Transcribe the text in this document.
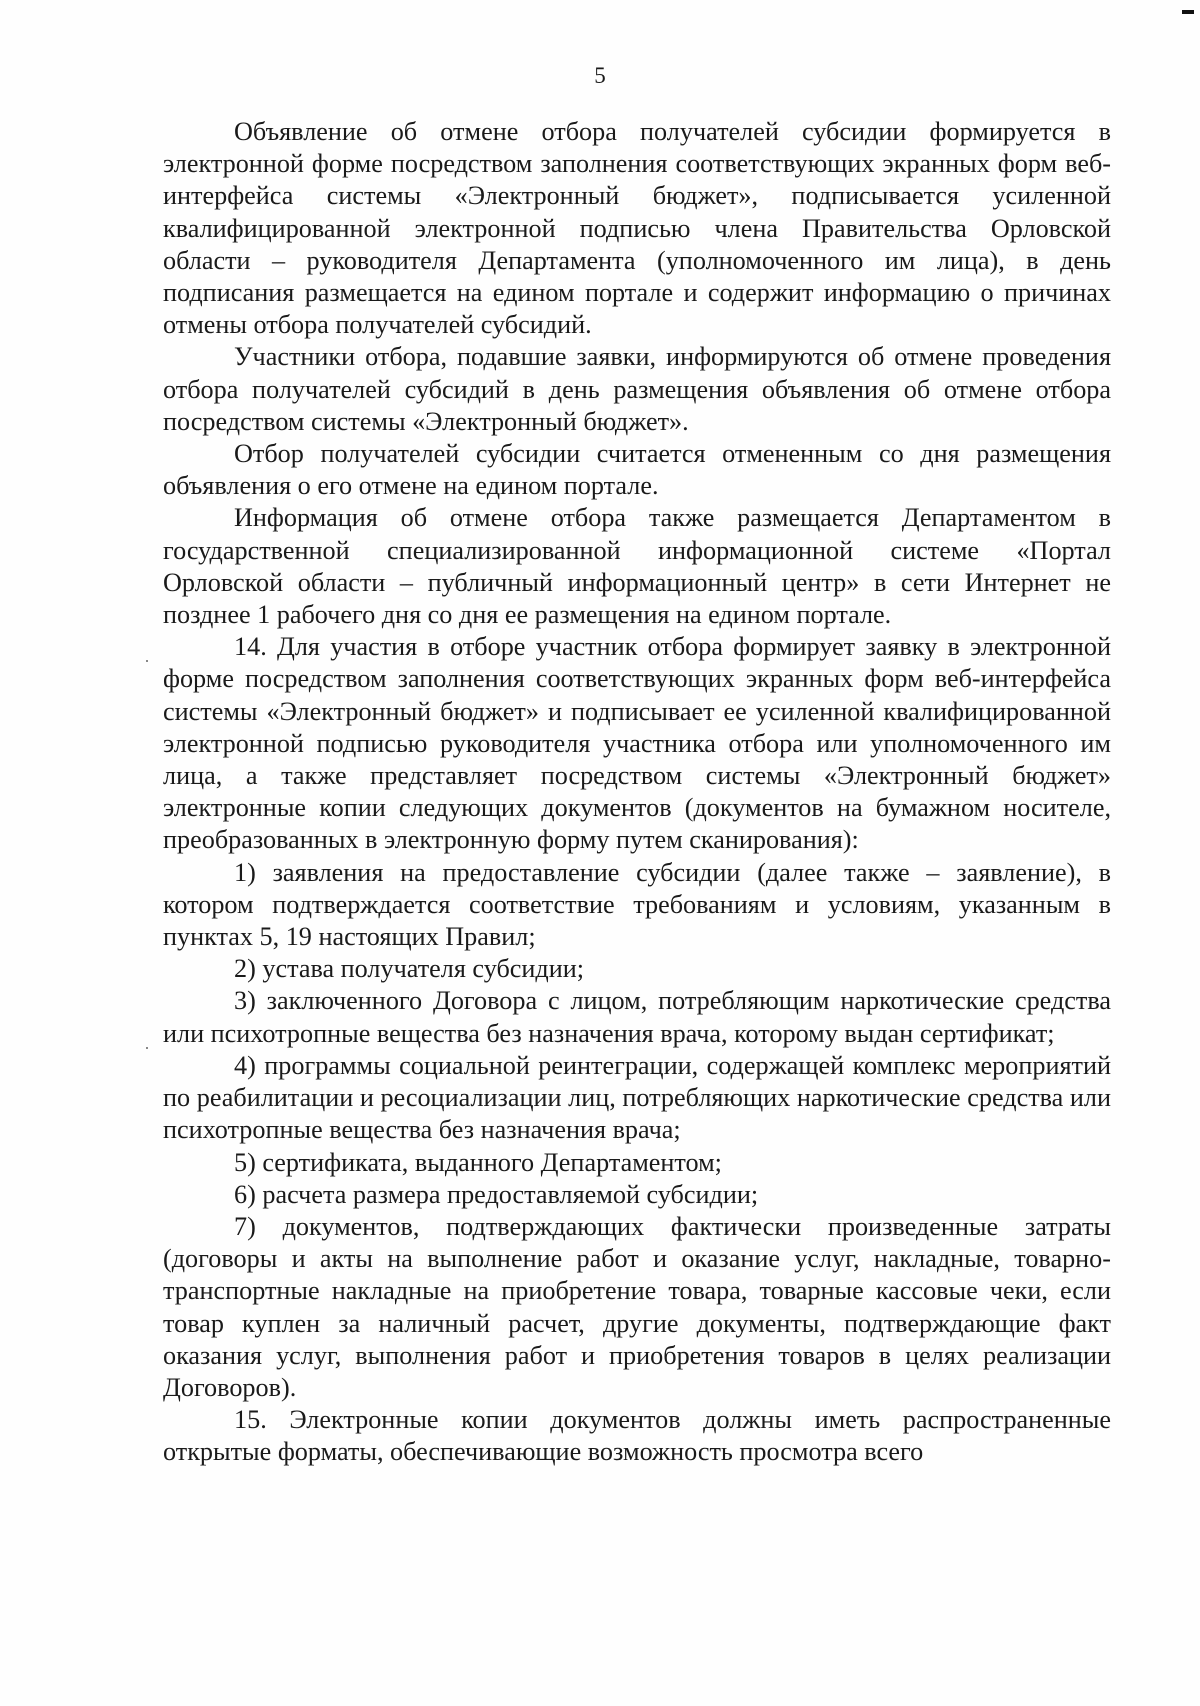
5

Объявление об отмене отбора получателей субсидии формируется в электронной форме посредством заполнения соответствующих экранных форм веб-интерфейса системы «Электронный бюджет», подписывается усиленной квалифицированной электронной подписью члена Правительства Орловской области – руководителя Департамента (уполномоченного им лица), в день подписания размещается на едином портале и содержит информацию о причинах отмены отбора получателей субсидий.

Участники отбора, подавшие заявки, информируются об отмене проведения отбора получателей субсидий в день размещения объявления об отмене отбора посредством системы «Электронный бюджет».

Отбор получателей субсидии считается отмененным со дня размещения объявления о его отмене на едином портале.

Информация об отмене отбора также размещается Департаментом в государственной специализированной информационной системе «Портал Орловской области – публичный информационный центр» в сети Интернет не позднее 1 рабочего дня со дня ее размещения на едином портале.

14. Для участия в отборе участник отбора формирует заявку в электронной форме посредством заполнения соответствующих экранных форм веб-интерфейса системы «Электронный бюджет» и подписывает ее усиленной квалифицированной электронной подписью руководителя участника отбора или уполномоченного им лица, а также представляет посредством системы «Электронный бюджет» электронные копии следующих документов (документов на бумажном носителе, преобразованных в электронную форму путем сканирования):

1) заявления на предоставление субсидии (далее также – заявление), в котором подтверждается соответствие требованиям и условиям, указанным в пунктах 5, 19 настоящих Правил;

2) устава получателя субсидии;

3) заключенного Договора с лицом, потребляющим наркотические средства или психотропные вещества без назначения врача, которому выдан сертификат;

4) программы социальной реинтеграции, содержащей комплекс мероприятий по реабилитации и ресоциализации лиц, потребляющих наркотические средства или психотропные вещества без назначения врача;

5) сертификата, выданного Департаментом;

6) расчета размера предоставляемой субсидии;

7) документов, подтверждающих фактически произведенные затраты (договоры и акты на выполнение работ и оказание услуг, накладные, товарно-транспортные накладные на приобретение товара, товарные кассовые чеки, если товар куплен за наличный расчет, другие документы, подтверждающие факт оказания услуг, выполнения работ и приобретения товаров в целях реализации Договоров).

15. Электронные копии документов должны иметь распространенные открытые форматы, обеспечивающие возможность просмотра всего
